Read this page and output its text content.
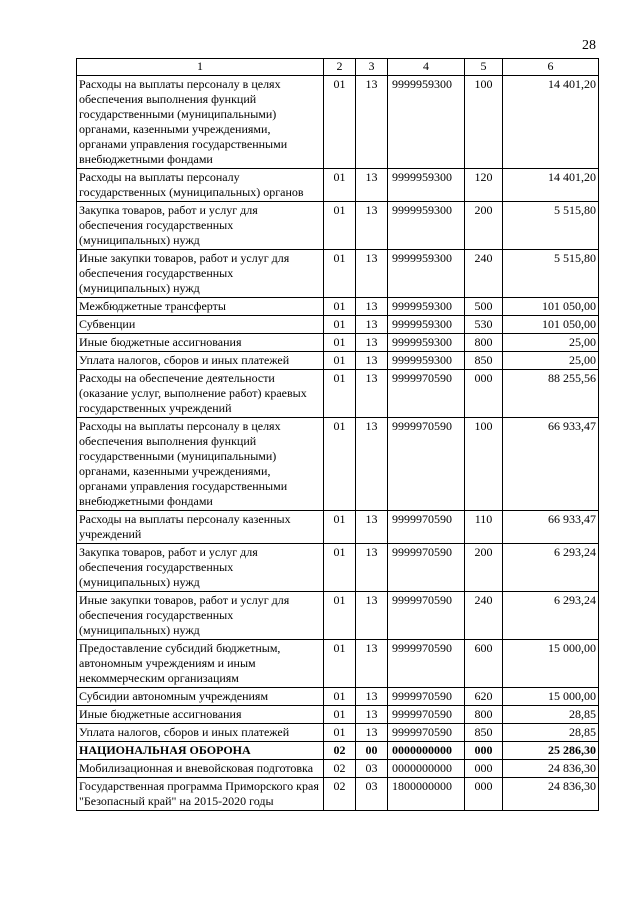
28
1	2	3	4	5	6
Расходы на выплаты персоналу в целях обеспечения выполнения функций государственными (муниципальными) органами, казенными учреждениями, органами управления государственными внебюджетными фондами	01	13	9999959300	100	14 401,20
Расходы на выплаты персоналу государственных (муниципальных) органов	01	13	9999959300	120	14 401,20
Закупка товаров, работ и услуг для обеспечения государственных (муниципальных) нужд	01	13	9999959300	200	5 515,80
Иные закупки товаров, работ и услуг для обеспечения государственных (муниципальных) нужд	01	13	9999959300	240	5 515,80
Межбюджетные трансферты	01	13	9999959300	500	101 050,00
Субвенции	01	13	9999959300	530	101 050,00
Иные бюджетные ассигнования	01	13	9999959300	800	25,00
Уплата налогов, сборов и иных платежей	01	13	9999959300	850	25,00
Расходы на обеспечение деятельности (оказание услуг, выполнение работ) краевых государственных учреждений	01	13	9999970590	000	88 255,56
Расходы на выплаты персоналу в целях обеспечения выполнения функций государственными (муниципальными) органами, казенными учреждениями, органами управления государственными внебюджетными фондами	01	13	9999970590	100	66 933,47
Расходы на выплаты персоналу казенных учреждений	01	13	9999970590	110	66 933,47
Закупка товаров, работ и услуг для обеспечения государственных (муниципальных) нужд	01	13	9999970590	200	6 293,24
Иные закупки товаров, работ и услуг для обеспечения государственных (муниципальных) нужд	01	13	9999970590	240	6 293,24
Предоставление субсидий бюджетным, автономным учреждениям и иным некоммерческим организациям	01	13	9999970590	600	15 000,00
Субсидии автономным учреждениям	01	13	9999970590	620	15 000,00
Иные бюджетные ассигнования	01	13	9999970590	800	28,85
Уплата налогов, сборов и иных платежей	01	13	9999970590	850	28,85
НАЦИОНАЛЬНАЯ ОБОРОНА	02	00	0000000000	000	25 286,30
Мобилизационная и вневойсковая подготовка	02	03	0000000000	000	24 836,30
Государственная программа Приморского края "Безопасный край" на 2015-2020 годы	02	03	1800000000	000	24 836,30
